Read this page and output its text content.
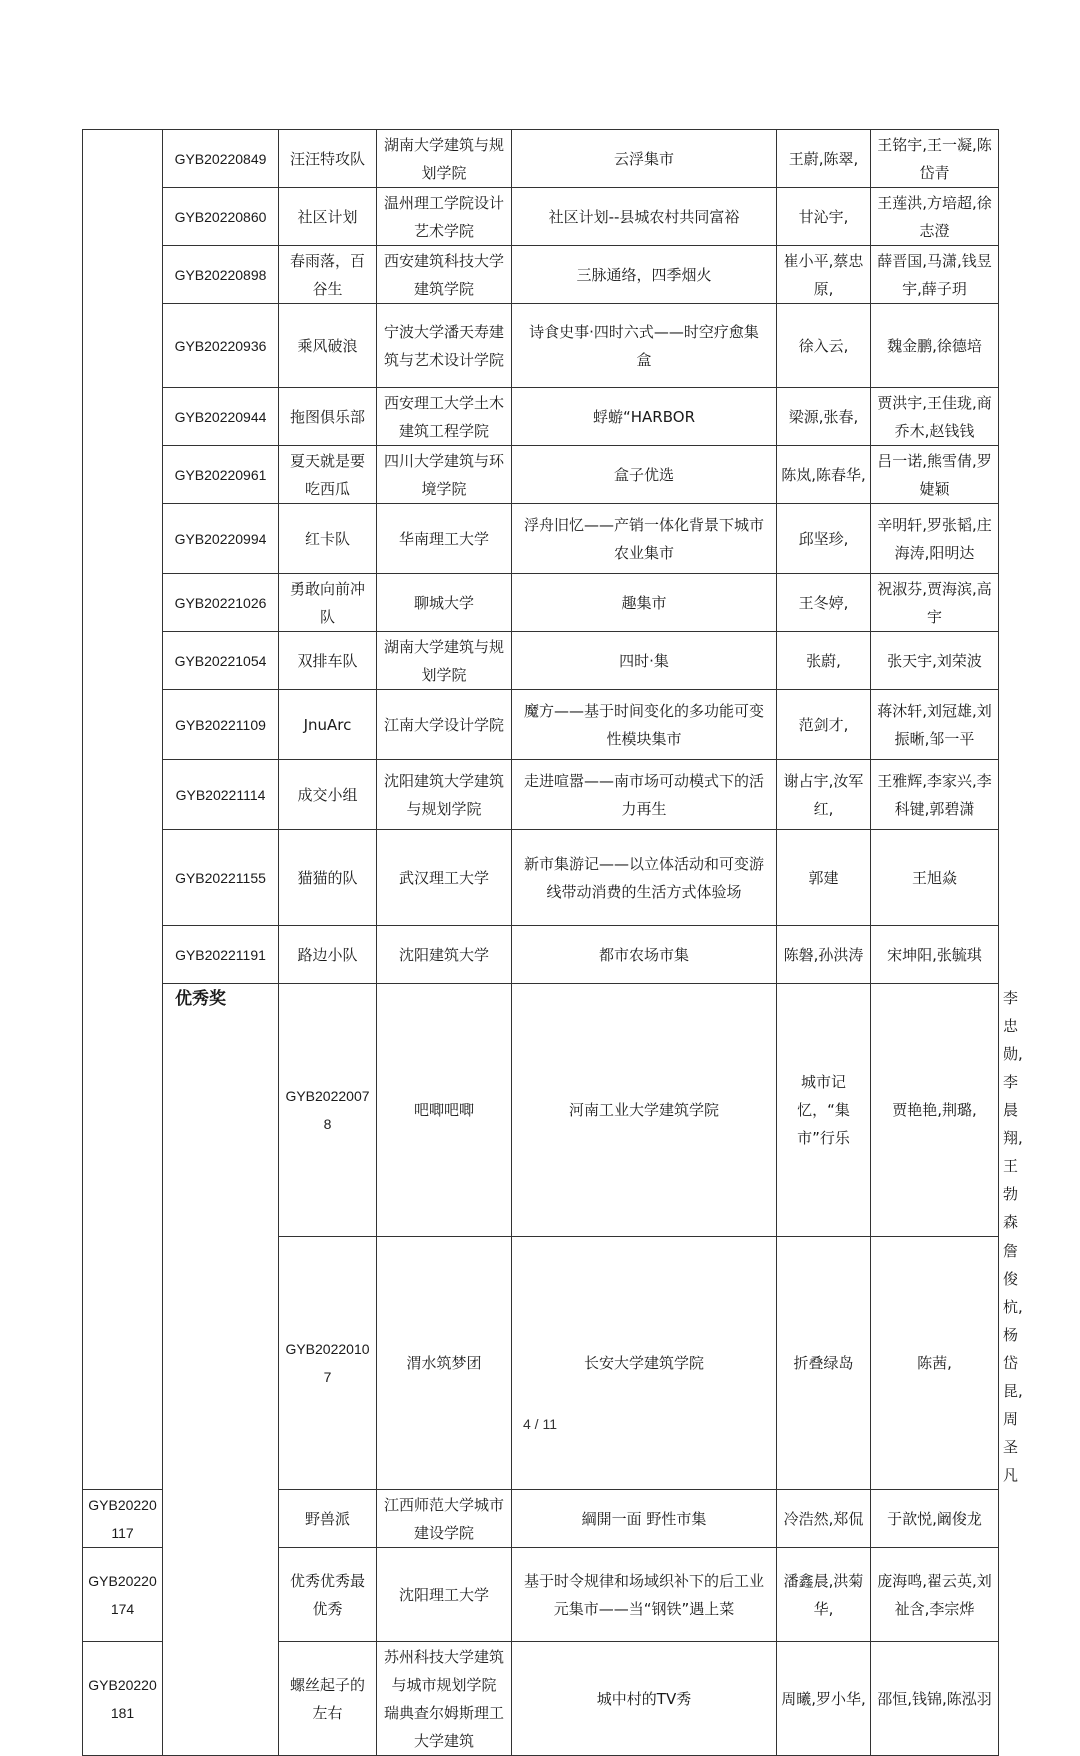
	GYB20220849	汪汪特攻队	湖南大学建筑与规划学院	云浮集市	王蔚,陈翠,	王铭宇,王一凝,陈岱青	
	GYB20220860	社区计划	温州理工学院设计艺术学院	社区计划--县城农村共同富裕	甘沁宇,	王莲洪,方培超,徐志澄	
	GYB20220898	春雨落，百谷生	西安建筑科技大学建筑学院	三脉通络，四季烟火	崔小平,蔡忠原,	薛晋国,马潇,钱昱宇,薛子玥	
	GYB20220936	乘风破浪	宁波大学潘天寿建筑与艺术设计学院	诗食史事·四时六式——时空疗愈集盒	徐入云,	魏金鹏,徐德培	
	GYB20220944	拖图俱乐部	西安理工大学土木建筑工程学院	蜉蝣“HARBOR	梁源,张春,	贾洪宇,王佳珑,商乔木,赵钱钱	
	GYB20220961	夏天就是要吃西瓜	四川大学建筑与环境学院	盒子优选	陈岚,陈春华,	吕一诺,熊雪倩,罗婕颖	
	GYB20220994	红卡队	华南理工大学	浮舟旧忆——产销一体化背景下城市农业集市	邱坚珍,	辛明轩,罗张韬,庄海涛,阳明达	
	GYB20221026	勇敢向前冲队	聊城大学	趣集市	王冬婷,	祝淑芬,贾海滨,高宇	
	GYB20221054	双排车队	湖南大学建筑与规划学院	四时·集	张蔚,	张天宇,刘荣波	
	GYB20221109	JnuArc	江南大学设计学院	魔方——基于时间变化的多功能可变性模块集市	范剑才,	蒋沐轩,刘冠雄,刘振晰,邹一平	
	GYB20221114	成交小组	沈阳建筑大学建筑与规划学院	走进喧嚣——南市场可动模式下的活力再生	谢占宇,汝军红,	王雅辉,李家兴,李科键,郭碧潇	
	GYB20221155	猫猫的队	武汉理工大学	新市集游记——以立体活动和可变游线带动消费的生活方式体验场	郭建	王旭焱	
	GYB20221191	路边小队	沈阳建筑大学	都市农场市集	陈磐,孙洪涛	宋坤阳,张毓琪	

	优秀奖	GYB20220078	吧唧吧唧	河南工业大学建筑学院	城市记忆，“集市”行乐	贾艳艳,荆璐,	李忠勋,李晨翔,王勃森
		GYB20220107	渭水筑梦团	长安大学建筑学院	折叠绿岛	陈茜,	詹俊杭,杨岱昆,周圣凡
GYB20220117		野兽派	江西师范大学城市建设学院	綱開一面 野性市集	冷浩然,郑侃	于歆悦,阚俊龙	
GYB20220174		优秀优秀最优秀	沈阳理工大学	基于时令规律和场域织补下的后工业元集市——当“钢铁”遇上菜	潘鑫晨,洪菊华,	庞海鸣,翟云英,刘祉含,李宗烨	
GYB20220181		螺丝起子的左右	苏州科技大学建筑与城市规划学院　瑞典查尔姆斯理工大学建筑	城中村的TV秀	周曦,罗小华,	邵恒,钱锦,陈泓羽	
4 / 11
